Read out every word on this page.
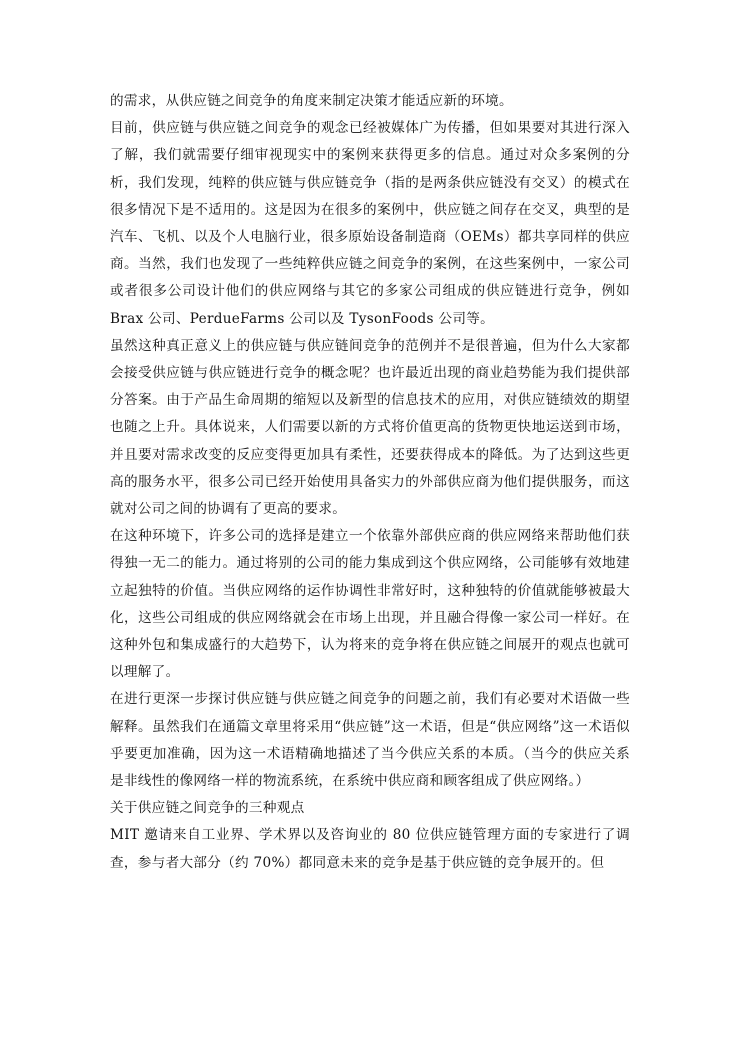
的需求，从供应链之间竞争的角度来制定决策才能适应新的环境。

目前，供应链与供应链之间竞争的观念已经被媒体广为传播，但如果要对其进行深入了解，我们就需要仔细审视现实中的案例来获得更多的信息。通过对众多案例的分析，我们发现，纯粹的供应链与供应链竞争（指的是两条供应链没有交叉）的模式在很多情况下是不适用的。这是因为在很多的案例中，供应链之间存在交叉，典型的是汽车、飞机、以及个人电脑行业，很多原始设备制造商（OEMs）都共享同样的供应商。当然，我们也发现了一些纯粹供应链之间竞争的案例，在这些案例中，一家公司或者很多公司设计他们的供应网络与其它的多家公司组成的供应链进行竞争，例如 Brax 公司、PerdueFarms 公司以及 TysonFoods 公司等。

虽然这种真正意义上的供应链与供应链间竞争的范例并不是很普遍，但为什么大家都会接受供应链与供应链进行竞争的概念呢？也许最近出现的商业趋势能为我们提供部分答案。由于产品生命周期的缩短以及新型的信息技术的应用，对供应链绩效的期望也随之上升。具体说来，人们需要以新的方式将价值更高的货物更快地运送到市场，并且要对需求改变的反应变得更加具有柔性，还要获得成本的降低。为了达到这些更高的服务水平，很多公司已经开始使用具备实力的外部供应商为他们提供服务，而这就对公司之间的协调有了更高的要求。

在这种环境下，许多公司的选择是建立一个依靠外部供应商的供应网络来帮助他们获得独一无二的能力。通过将别的公司的能力集成到这个供应网络，公司能够有效地建立起独特的价值。当供应网络的运作协调性非常好时，这种独特的价值就能够被最大化，这些公司组成的供应网络就会在市场上出现，并且融合得像一家公司一样好。在这种外包和集成盛行的大趋势下，认为将来的竞争将在供应链之间展开的观点也就可以理解了。

在进行更深一步探讨供应链与供应链之间竞争的问题之前，我们有必要对术语做一些解释。虽然我们在通篇文章里将采用“供应链”这一术语，但是“供应网络”这一术语似乎要更加准确，因为这一术语精确地描述了当今供应关系的本质。（当今的供应关系是非线性的像网络一样的物流系统，在系统中供应商和顾客组成了供应网络。）

关于供应链之间竞争的三种观点

MIT 邀请来自工业界、学术界以及咨询业的 80 位供应链管理方面的专家进行了调查，参与者大部分（约 70%）都同意未来的竞争是基于供应链的竞争展开的。但
